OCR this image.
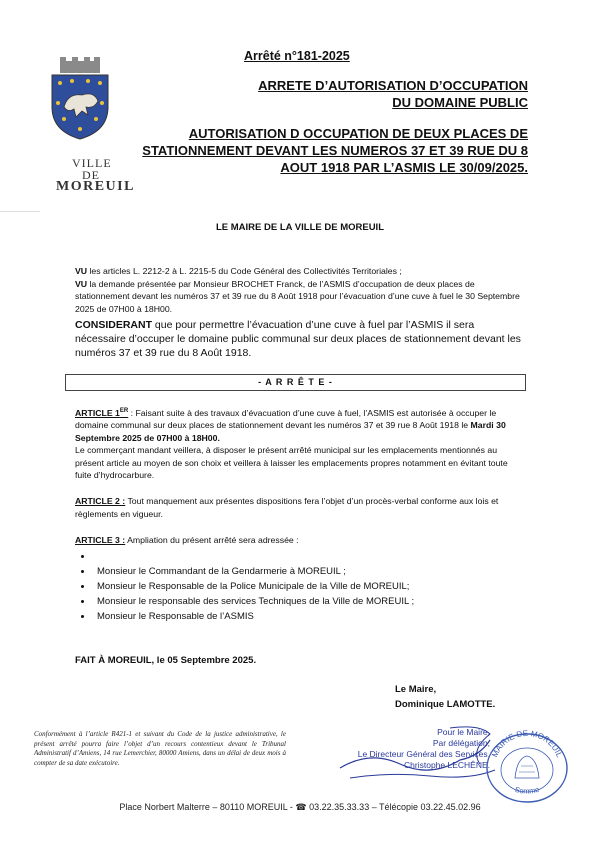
Arrêté n°181-2025
VILLE
DE
MOREUIL
ARRETE D’AUTORISATION D’OCCUPATION
DU DOMAINE PUBLIC
AUTORISATION D OCCUPATION DE DEUX PLACES DE
STATIONNEMENT DEVANT LES NUMEROS 37 ET 39 RUE DU 8
AOUT 1918 PAR L’ASMIS LE 30/09/2025.
LE MAIRE DE LA VILLE DE MOREUIL
VU les articles L. 2212-2 à L. 2215-5 du Code Général des Collectivités Territoriales ;
VU la demande présentée par Monsieur BROCHET Franck, de l’ASMIS d’occupation de deux places de stationnement devant les numéros 37 et 39 rue du 8 Août 1918 pour l’évacuation d’une cuve à fuel le 30 Septembre 2025 de 07H00 à 18H00.
CONSIDERANT que pour permettre l’évacuation d’une cuve à fuel par l’ASMIS il sera nécessaire d’occuper le domaine public communal sur deux places de stationnement devant les numéros 37 et 39 rue du 8 Août 1918.
- A R R Ê T E -
ARTICLE 1ER : Faisant suite à des travaux d’évacuation d’une cuve à fuel, l’ASMIS est autorisée à occuper le domaine communal sur deux places de stationnement devant les numéros 37 et 39 rue 8 Août 1918 le Mardi 30 Septembre 2025 de 07H00 à 18H00.
Le commerçant mandant veillera, à disposer le présent arrêté municipal sur les emplacements mentionnés au présent article au moyen de son choix et veillera à laisser les emplacements propres notamment en évitant toute fuite d’hydrocarbure.
ARTICLE 2 : Tout manquement aux présentes dispositions fera l’objet d’un procès-verbal conforme aux lois et règlements en vigueur.
ARTICLE 3 : Ampliation du présent arrêté sera adressée :
•
• Monsieur le Commandant de la Gendarmerie à MOREUIL ;
• Monsieur le Responsable de la Police Municipale de la Ville de MOREUIL;
• Monsieur le responsable des services Techniques de la Ville de MOREUIL ;
• Monsieur le Responsable de l’ASMIS
FAIT À MOREUIL, le 05 Septembre 2025.
Le Maire,
Dominique LAMOTTE.
Conformément à l’article R421-1 et suivant du Code de la justice administrative, le présent arrêté pourra faire l’objet d’un recours contentieux devant le Tribunal Administratif d’Amiens, 14 rue Lemerchier, 80000 Amiens, dans un délai de deux mois à compter de sa date exécutoire.
Pour le Maire,
Par délégation,
Le Directeur Général des Services,
Christophe LECHÊNE.
MAIRIE DE MOREUIL
Somme
Place Norbert Malterre – 80110 MOREUIL - ☎ 03.22.35.33.33 – Télécopie 03.22.45.02.96
